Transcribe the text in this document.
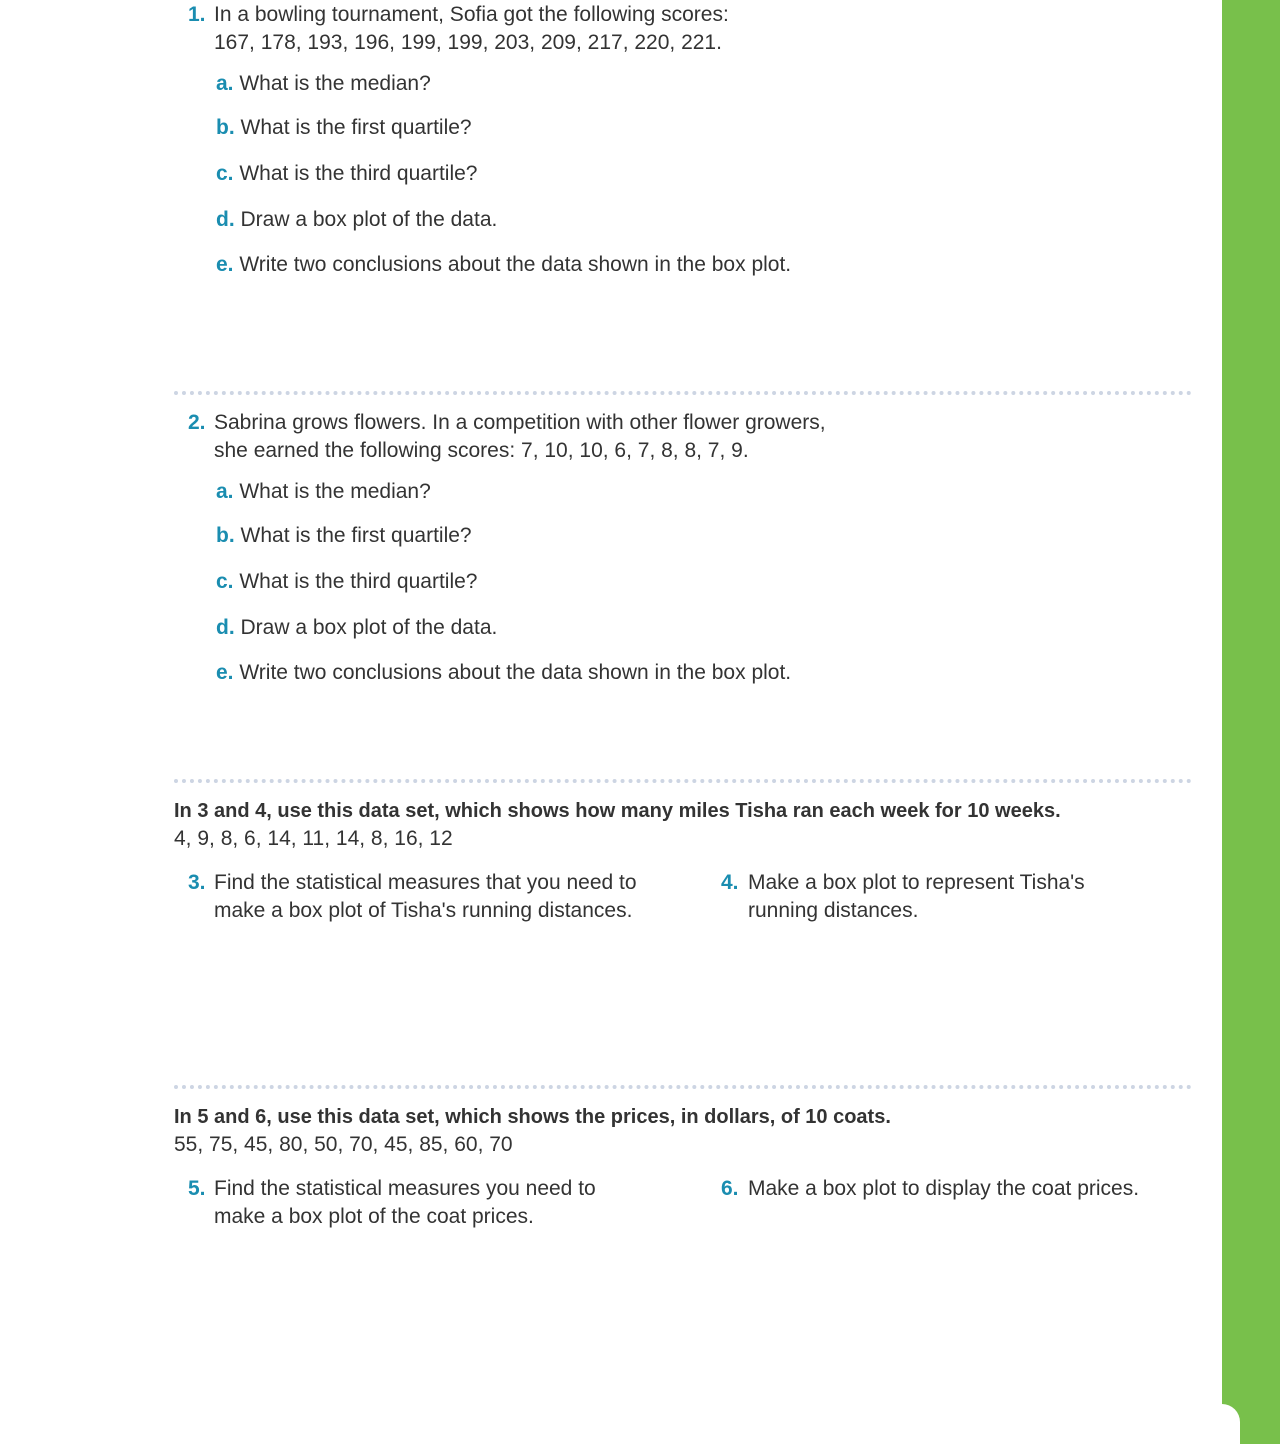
1. In a bowling tournament, Sofia got the following scores:
167, 178, 193, 196, 199, 199, 203, 209, 217, 220, 221.
a. What is the median?
b. What is the first quartile?
c. What is the third quartile?
d. Draw a box plot of the data.
e. Write two conclusions about the data shown in the box plot.
2. Sabrina grows flowers. In a competition with other flower growers,
she earned the following scores: 7, 10, 10, 6, 7, 8, 8, 7, 9.
a. What is the median?
b. What is the first quartile?
c. What is the third quartile?
d. Draw a box plot of the data.
e. Write two conclusions about the data shown in the box plot.
In 3 and 4, use this data set, which shows how many miles Tisha ran each week for 10 weeks.
4, 9, 8, 6, 14, 11, 14, 8, 16, 12
3. Find the statistical measures that you need to
make a box plot of Tisha's running distances.
4. Make a box plot to represent Tisha's
running distances.
In 5 and 6, use this data set, which shows the prices, in dollars, of 10 coats.
55, 75, 45, 80, 50, 70, 45, 85, 60, 70
5. Find the statistical measures you need to
make a box plot of the coat prices.
6. Make a box plot to display the coat prices.
